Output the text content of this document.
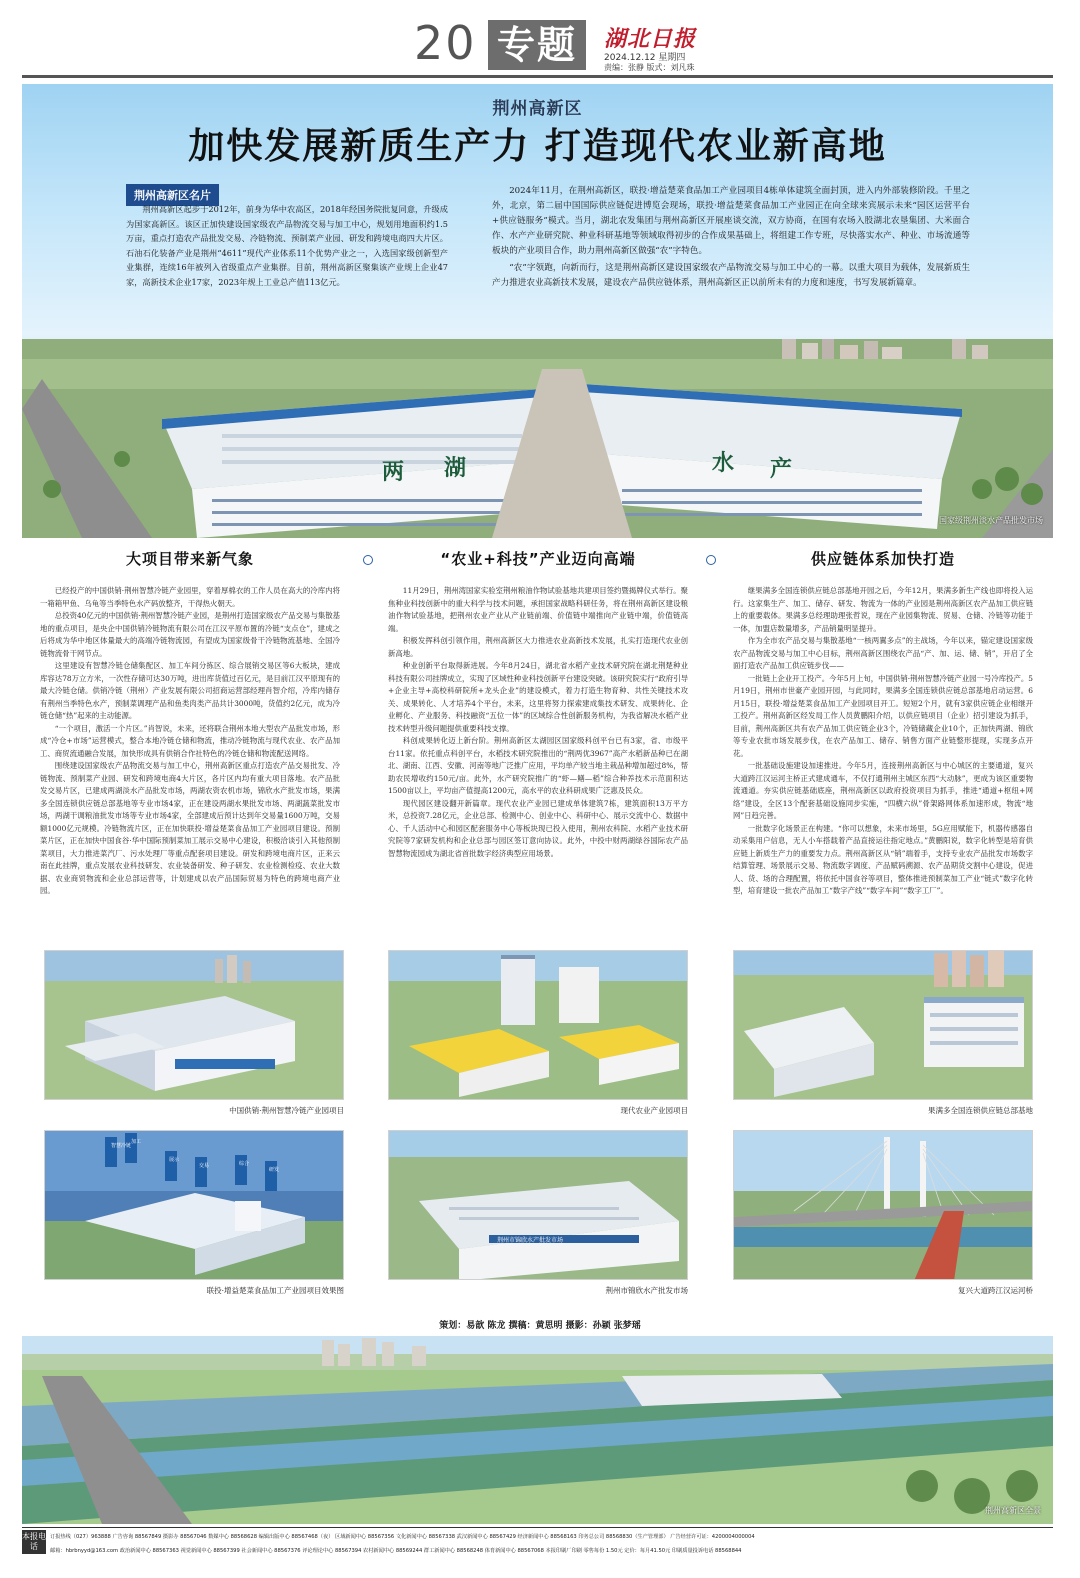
20 专题	湖北日报
2024.12.12 星期四
责编：张静 版式：刘凡珠
荆州高新区
加快发展新质生产力 打造现代农业新高地
荆州高新区名片
荆州高新区起步于2012年，前身为华中农高区，2018年经国务院批复同意，升级成为国家高新区。该区正加快建设国家级农产品物流交易与加工中心，规划用地面积约1.5万亩，重点打造农产品批发交易、冷链物流、预制菜产业园、研发和跨境电商四大片区。石油石化装备产业是荆州“4611”现代产业体系11个优势产业之一，入选国家级创新型产业集群，连续16年被列入省级重点产业集群。目前，荆州高新区聚集该产业规上企业47家，高新技术企业17家，2023年规上工业总产值113亿元。

2024年11月，在荆州高新区，联投·增益楚菜食品加工产业园项目4栋单体建筑全面封顶，进入内外部装修阶段。千里之外，北京，第二届中国国际供应链促进博览会现场，联投·增益楚菜食品加工产业园正在向全球来宾展示未来“园区运营平台+供应链服务”模式。当月，湖北农发集团与荆州高新区开展座谈交流，双方协商，在国有农场入股湖北农垦集团、大米面合作、水产产业研究院、种业科研基地等领域取得初步的合作成果基础上，将组建工作专班，尽快落实水产、种业、市场流通等板块的产业项目合作，助力荆州高新区做强“农”字特色。

“农”字领跑，向新而行，这是荆州高新区建设国家级农产品物流交易与加工中心的一幕。以重大项目为载体，发展新质生产力推进农业高新技术发展，建设农产品供应链体系，荆州高新区正以前所未有的力度和速度，书写发展新篇章。

两 湖	水 产
国家级荆州淡水产品批发市场
大项目带来新气象

已经投产的中国供销·荆州智慧冷链产业园里，穿着厚棉衣的工作人员在高大的冷库内将一箱箱甲鱼、乌龟等当季特色水产码放整齐，干得热火朝天。

总投资40亿元的中国供销·荆州智慧冷链产业园，是荆州打造国家级农产品交易与集散基地的重点项目，是央企中国供销冷链物流有限公司在江汉平原布置的冷链“支点仓”，建成之后将成为华中地区体量最大的高端冷链物流园，有望成为国家级骨干冷链物流基地、全国冷链物流骨干网节点。

这里建设有智慧冷链仓储集配区、加工车间分拣区、综合展销交易区等6大板块，建成库容达78万立方米，一次性存储可达30万吨，进出库货值过百亿元，是目前江汉平原现有的最大冷链仓储。供销冷链（荆州）产业发展有限公司招商运营部经理肖智介绍，冷库内储存有荆州当季特色水产，预制菜调理产品和鱼类肉类产品共计3000吨，货值约2亿元，成为冷链仓储“热”起来的主动能源。

“一个项目，激活一个片区。”肖智说，未来，还将联合荆州本地大型农产品批发市场，形成“冷仓+市场”运营模式，整合本地冷链仓储和物流，推动冷链物流与现代农业、农产品加工、商贸流通融合发展，加快形成具有供销合作社特色的冷链仓储和物流配送网络。

围绕建设国家级农产品物流交易与加工中心，荆州高新区重点打造农产品交易批发、冷链物流、预制菜产业园、研发和跨境电商4大片区，各片区内均有重大项目落地。农产品批发交易片区，已建成两湖淡水产品批发市场，两湖农资农机市场，锦欣水产批发市场，果满多全国连锁供应链总部基地等专业市场4家，正在建设两湖水果批发市场、两湖蔬菜批发市场，两湖干调粮油批发市场等专业市场4家，全部建成后预计达到年交易量1600万吨，交易额1000亿元规模。冷链物流片区，正在加快联投·增益楚菜食品加工产业园项目建设。预制菜片区，正在加快中国食谷·华中国际预制菜加工展示交易中心建设，积极洽谈引入其他预制菜项目，大力推进菜汽厂、污水处理厂等重点配套项目建设。研发和跨境电商片区，正来云南在此挂牌，重点发展农业科技研发、农业装备研发、种子研发、农业检测检疫、农业大数据、农业商贸物流和企业总部运营等，计划建成以农产品国际贸易为特色的跨境电商产业园。

“农业+科技”产业迈向高端

11月29日，荆州湾国家实验室荆州粮油作物试验基地共建项目签约暨揭牌仪式举行。聚焦种业科技创新中的重大科学与技术问题，承担国家战略科研任务，将在荆州高新区建设粮油作物试验基地，把荆州农业产业从产业链前端、价值链中端推向产业链中端，价值链高端。

积极发挥科创引领作用，荆州高新区大力推进农业高新技术发展，扎实打造现代农业创新高地。

种业创新平台取得新进展。今年8月24日，湖北省水稻产业技术研究院在湖北荆楚种业科技有限公司挂牌成立，实现了区域性种业科技创新平台建设突破。该研究院实行“政府引导+企业主导+高校科研院所+龙头企业”的建设模式，着力打造生物育种、共性关键技术攻关、成果转化、人才培养4个平台，未来，这里将努力探索建成集技术研发、成果转化、企业孵化、产业服务、科技融资“五位一体”的区域综合性创新服务机构，为我省解决水稻产业技术转型升级问题提供重要科技支撑。

科创成果转化迈上新台阶。荆州高新区太湖园区国家级科创平台已有3家，省、市级平台11家。依托重点科创平台，水稻技术研究院推出的“荆两优3967”高产水稻新品种已在湖北、湖南、江西、安徽、河南等地广泛推广应用，平均单产较当地主栽品种增加超过8%，帮助农民增收约150元/亩。此外，水产研究院推广的“虾—鳝—稻”综合种养技术示范面积达1500亩以上，平均亩产值提高1200元，高水平的农业科研成果广泛惠及民众。

现代园区建设翻开新篇章。现代农业产业园已建成单体建筑7栋，建筑面积13万平方米，总投资7.28亿元，企业总部、检测中心、创业中心、科研中心、展示交流中心、数据中心、千人活动中心和园区配套服务中心等板块现已投入使用，荆州农科院、水稻产业技术研究院等7家研发机构和企业总部与园区签订意向协议。此外，中投中财两湖绿谷国际农产品智慧物流园成为湖北省首批数字经济典型应用场景。

供应链体系加快打造

继果满多全国连锁供应链总部基地开园之后，今年12月，果满多新生产线也即将投入运行。这家集生产、加工、储存、研发、物流为一体的产业园是荆州高新区农产品加工供应链上的重要载体。果满多总经理助理张哲说，现在产业园集物流、贸易、仓储、冷链等功能于一体，加盟店数量增多，产品销量明显提升。

作为全市农产品交易与集散基地“一核两翼多点”的主战场，今年以来，锚定建设国家级农产品物流交易与加工中心目标，荆州高新区围绕农产品“产、加、运、储、销”，开启了全面打造农产品加工供应链步伐——

一批链上企业开工投产。今年5月上旬，中国供销·荆州智慧冷链产业园一号冷库投产。5月19日，荆州市世豪产业园开园，与此同时，果满多全国连锁供应链总部基地启动运营。6月15日，联投·增益楚菜食品加工产业园项目开工。短短2个月，就有3家供应链企业相继开工投产。荆州高新区经发局工作人员黄鹏阳介绍，以供应链项目（企业）招引建设为抓手，目前，荆州高新区共有农产品加工供应链企业3个，冷链储藏企业10个，正加快两湖、锦欣等专业农批市场发展步伐，在农产品加工、储存、销售方面产业链整形提现，实现多点开花。

一批基础设施建设加速推进。今年5月，连接荆州高新区与中心城区的主要通道，复兴大道跨江汉运河主桥正式建成通车，不仅打通荆州主城区东西“大动脉”，更成为该区重要物流通道。夯实供应链基础底座，荆州高新区以政府投资项目为抓手，推进“通道+枢纽+网络”建设，全区13个配套基础设施同步实施，“四横六纵”骨架路网体系加速形成，物流“地网”日趋完善。

一批数字化场景正在构建。“你可以想象，未来市场里，5G应用赋能下，机器传感器自动采集用户信息，无人小车搭载着产品直接运往指定地点。”黄鹏阳说，数字化转型是培育供应链上新质生产力的重要发力点。荆州高新区从“销”端着手，支持专业农产品批发市场数字结算管理、场景展示交易、物流数字调度、产品赋码溯源、农产品期货交割中心建设，促进人、货、场的合理配置，将依托中国食谷等项目，整体推进预制菜加工产业“链式”数字化转型，培育建设一批农产品加工“数字产线”“数字车间”“数字工厂”。

中国供销·荆州智慧冷链产业园项目	现代农业产业园项目	果满多全国连锁供应链总部基地
智慧冷链
加工
展示
交易	综合
研发
联投·增益楚菜食品加工产业园项目效果图
荆州市锦欣水产批发市场
荆州市锦欣水产批发市场	复兴大道跨江汉运河桥
策划：易歆 陈龙 撰稿：黄思明 摄影：孙颖 张梦瑶
荆州高新区全景
本报电话
订报热线（027）963888 广告咨询 88567849 摄影办 88567046 数媒中心 88568628 编辑出版中心 88567468（夜） 区域新闻中心 88567356 文化新闻中心 88567338 武汉新闻中心 88567429 经济新闻中心 88568163 印务总公司 88568830（生产管理部） 广告经营许可证：4200004000004
邮箱：hbrbnyyd@163.com 政治新闻中心 88567363 视觉新闻中心 88567399 社会新闻中心 88567376 评论理论中心 88567394 农村新闻中心 88569244 群工新闻中心 88568248 体育新闻中心 88567068 本报印刷厂印刷 零售每份 1.50元 定价：每月41.50元 印刷质量投诉电话 88568844
